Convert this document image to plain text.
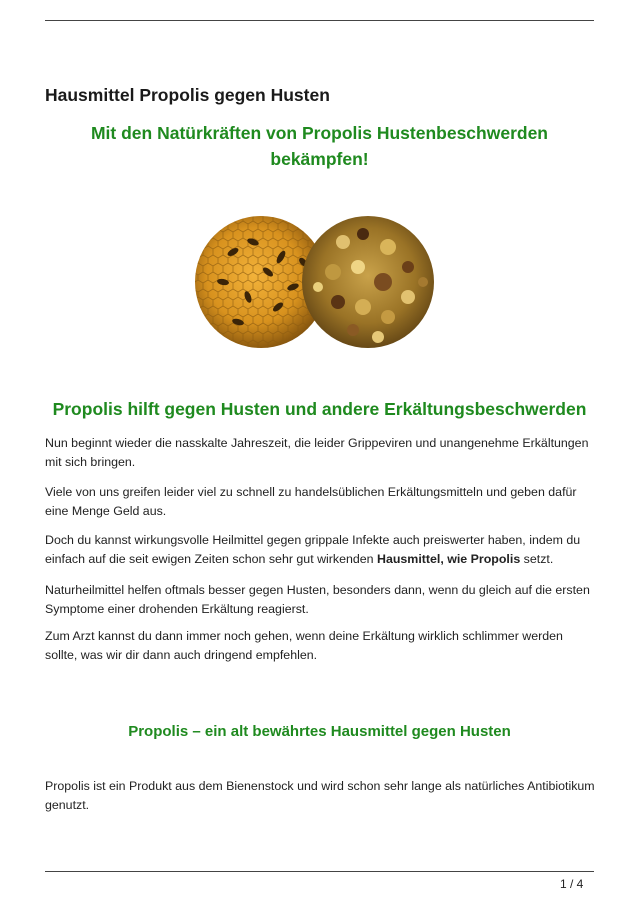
Hausmittel Propolis gegen Husten
Mit den Natürkräften von Propolis Hustenbeschwerden bekämpfen!
Propolis hilft gegen Husten und andere Erkältungsbeschwerden

Nun beginnt wieder die nasskalte Jahreszeit, die leider Grippeviren und unangenehme Erkältungen mit sich bringen.

Viele von uns greifen leider viel zu schnell zu handelsüblichen Erkältungsmitteln und geben dafür eine Menge Geld aus.

Doch du kannst wirkungsvolle Heilmittel gegen grippale Infekte auch preiswerter haben, indem du einfach auf die seit ewigen Zeiten schon sehr gut wirkenden Hausmittel, wie Propolis setzt.

Naturheilmittel helfen oftmals besser gegen Husten, besonders dann, wenn du gleich auf die ersten Symptome einer drohenden Erkältung reagierst.

Zum Arzt kannst du dann immer noch gehen, wenn deine Erkältung wirklich schlimmer werden sollte, was wir dir dann auch dringend empfehlen.

Propolis – ein alt bewährtes Hausmittel gegen Husten

Propolis ist ein Produkt aus dem Bienenstock und wird schon sehr lange als natürliches Antibiotikum genutzt.

1 / 4
